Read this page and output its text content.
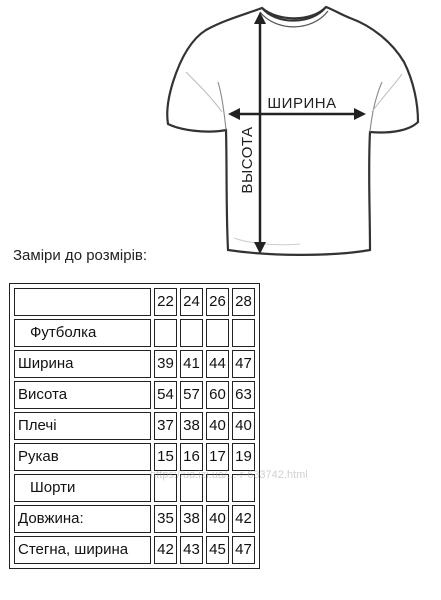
ШИРИНА
ВЫСОТА
Заміри до розмірів:
	22	24	26	28
Футболка				
Ширина	39	41	44	47
Висота	54	57	60	63
Плечі	37	38	40	40
Рукав	15	16	17	19
Шорти				
Довжина:	35	38	40	42
Стегна, ширина	42	43	45	47
https://ua.izi.ua/...-r-633742.html
